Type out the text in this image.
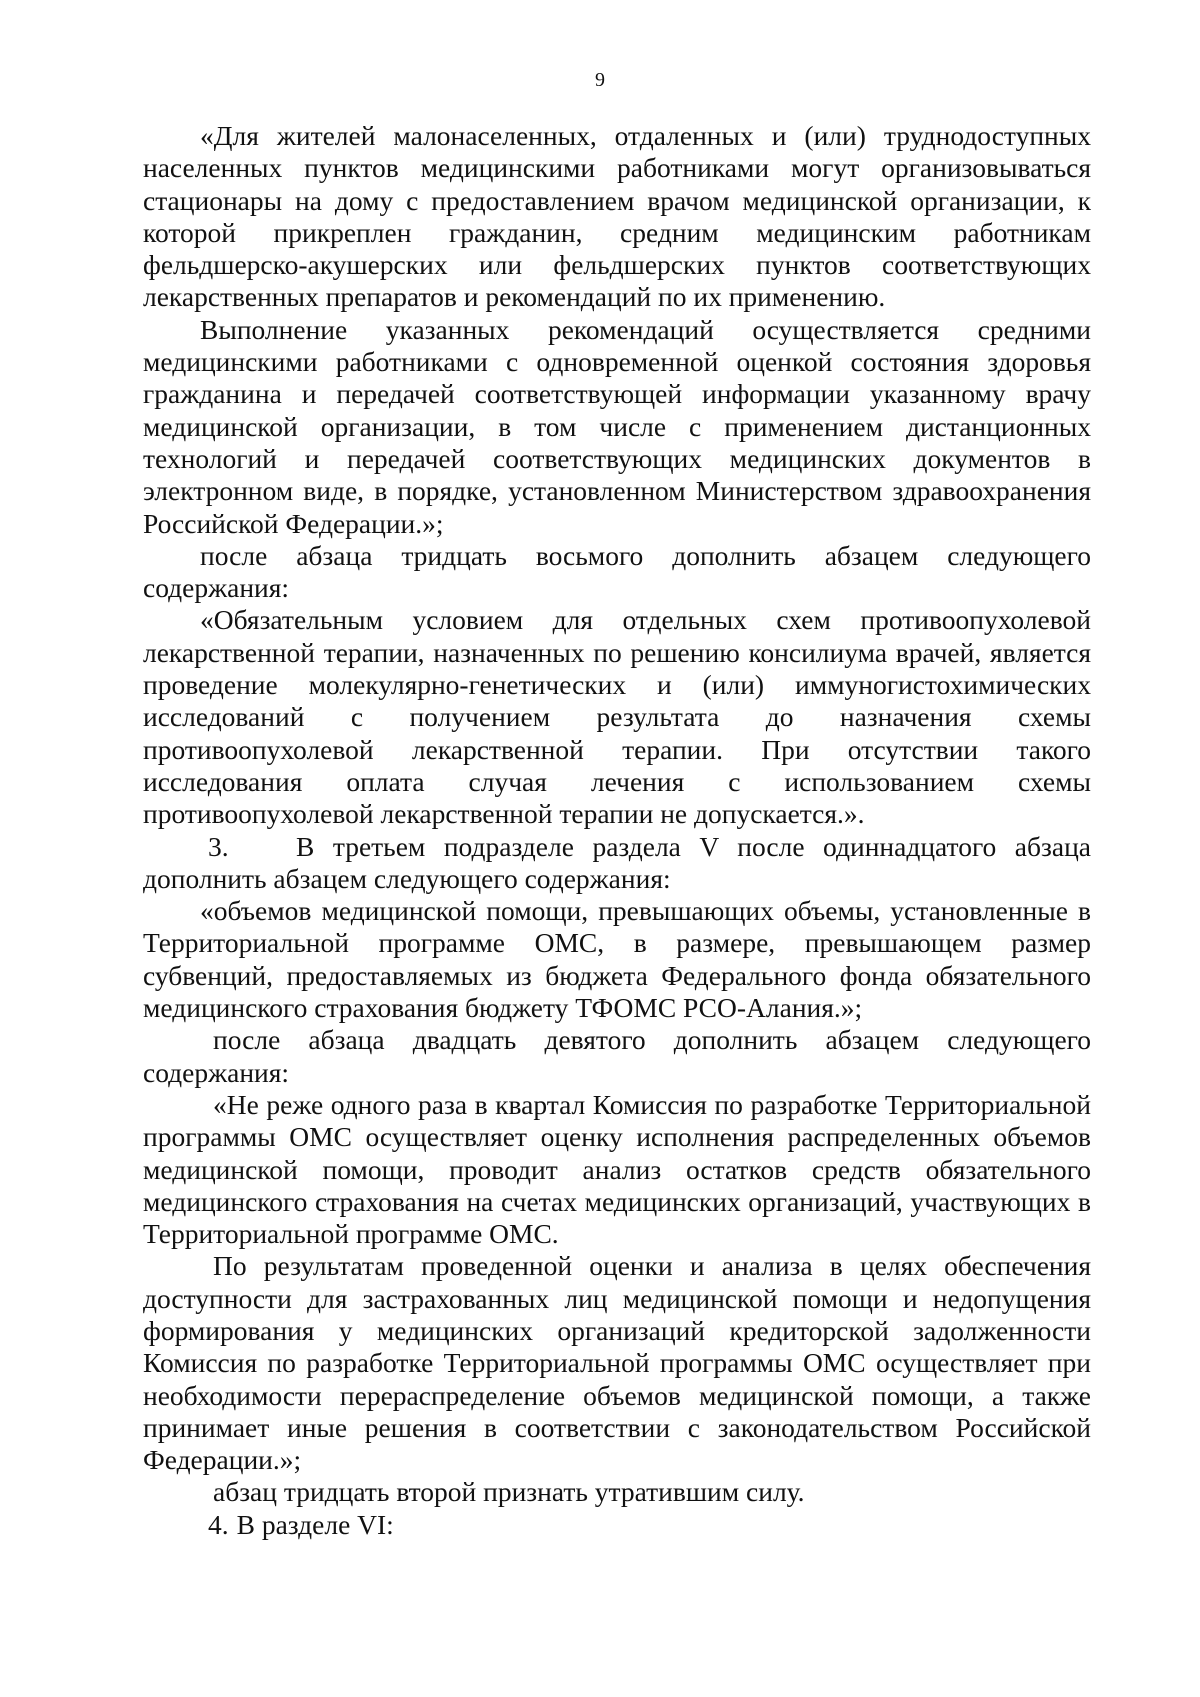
9

«Для жителей малонаселенных, отдаленных и (или) труднодоступных населенных пунктов медицинскими работниками могут организовываться стационары на дому с предоставлением врачом медицинской организации, к которой прикреплен гражданин, средним медицинским работникам фельдшерско-акушерских или фельдшерских пунктов соответствующих лекарственных препаратов и рекомендаций по их применению.

Выполнение указанных рекомендаций осуществляется средними медицинскими работниками с одновременной оценкой состояния здоровья гражданина и передачей соответствующей информации указанному врачу медицинской организации, в том числе с применением дистанционных технологий и передачей соответствующих медицинских документов в электронном виде, в порядке, установленном Министерством здравоохранения Российской Федерации.»;

после абзаца тридцать восьмого дополнить абзацем следующего содержания:

«Обязательным условием для отдельных схем противоопухолевой лекарственной терапии, назначенных по решению консилиума врачей, является проведение молекулярно-генетических и (или) иммуногистохимических исследований с получением результата до назначения схемы противоопухолевой лекарственной терапии. При отсутствии такого исследования оплата случая лечения с использованием схемы противоопухолевой лекарственной терапии не допускается.».

3. В третьем подразделе раздела V после одиннадцатого абзаца дополнить абзацем следующего содержания:

«объемов медицинской помощи, превышающих объемы, установленные в Территориальной программе ОМС, в размере, превышающем размер субвенций, предоставляемых из бюджета Федерального фонда обязательного медицинского страхования бюджету ТФОМС РСО-Алания.»;

после абзаца двадцать девятого дополнить абзацем следующего содержания:

«Не реже одного раза в квартал Комиссия по разработке Территориальной программы ОМС осуществляет оценку исполнения распределенных объемов медицинской помощи, проводит анализ остатков средств обязательного медицинского страхования на счетах медицинских организаций, участвующих в Территориальной программе ОМС.

По результатам проведенной оценки и анализа в целях обеспечения доступности для застрахованных лиц медицинской помощи и недопущения формирования у медицинских организаций кредиторской задолженности Комиссия по разработке Территориальной программы ОМС осуществляет при необходимости перераспределение объемов медицинской помощи, а также принимает иные решения в соответствии с законодательством Российской Федерации.»;

абзац тридцать второй признать утратившим силу.

4. В разделе VI:
